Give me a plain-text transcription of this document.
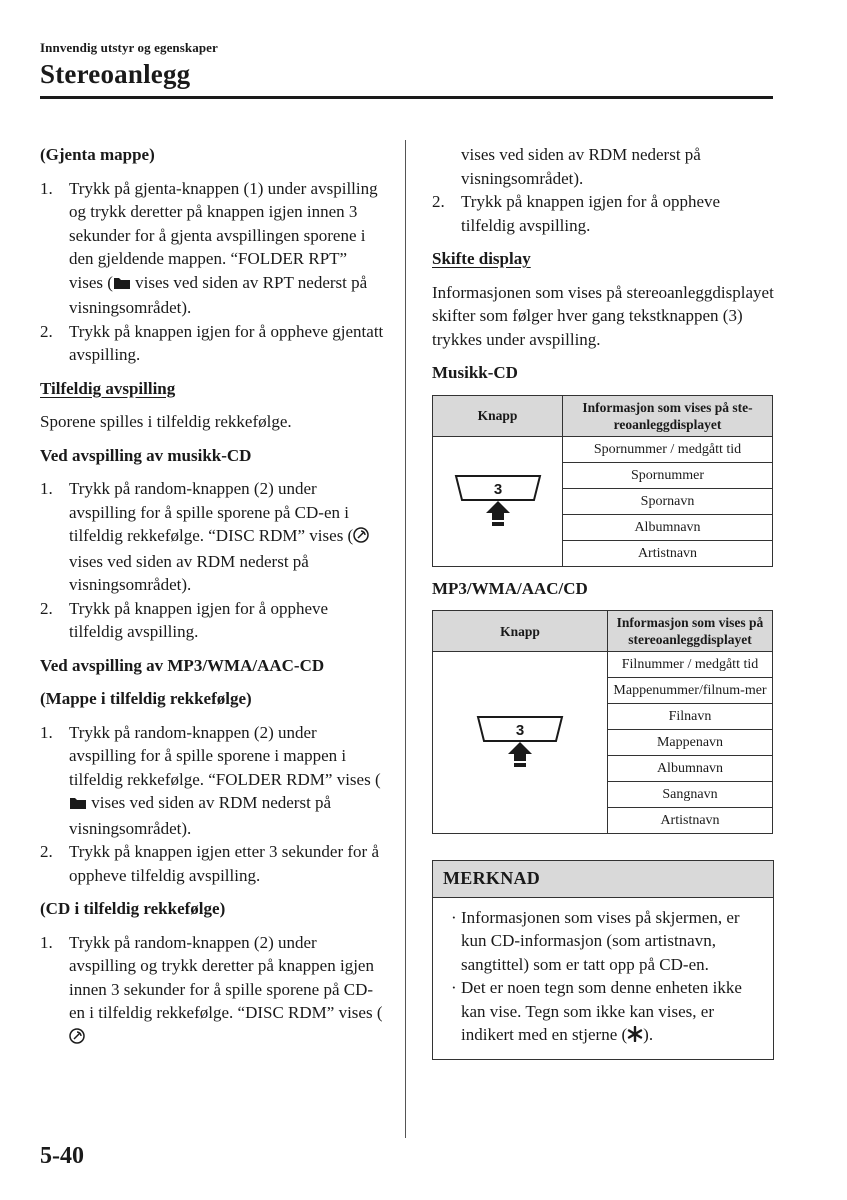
Innvendig utstyr og egenskaper
Stereoanlegg

(Gjenta mappe)

1. Trykk på gjenta-knappen (1) under avspilling og trykk deretter på knappen igjen innen 3 sekunder for å gjenta avspillingen sporene i den gjeldende mappen. “FOLDER RPT” vises ( vises ved siden av RPT nederst på visningsområdet).
2. Trykk på knappen igjen for å oppheve gjentatt avspilling.

Tilfeldig avspilling

Sporene spilles i tilfeldig rekkefølge.

Ved avspilling av musikk-CD

1. Trykk på random-knappen (2) under avspilling for å spille sporene på CD-en i tilfeldig rekkefølge. “DISC RDM” vises ( vises ved siden av RDM nederst på visningsområdet).
2. Trykk på knappen igjen for å oppheve tilfeldig avspilling.

Ved avspilling av MP3/WMA/AAC-CD

(Mappe i tilfeldig rekkefølge)

1. Trykk på random-knappen (2) under avspilling for å spille sporene i mappen i tilfeldig rekkefølge. “FOLDER RDM” vises ( vises ved siden av RDM nederst på visningsområdet).
2. Trykk på knappen igjen etter 3 sekunder for å oppheve tilfeldig avspilling.

(CD i tilfeldig rekkefølge)

1. Trykk på random-knappen (2) under avspilling og trykk deretter på knappen igjen innen 3 sekunder for å spille sporene på CD-en i tilfeldig rekkefølge. “DISC RDM” vises (
vises ved siden av RDM nederst på visningsområdet).
2. Trykk på knappen igjen for å oppheve tilfeldig avspilling.

Skifte display

Informasjonen som vises på stereoanleggdisplayet skifter som følger hver gang tekstknappen (3) trykkes under avspilling.

Musikk-CD

Knapp	Informasjon som vises på ste-reoanleggdisplayet

3	Spornummer / medgått tid
	Spornummer
	Spornavn
	Albumnavn
	Artistnavn

MP3/WMA/AAC/CD

Knapp	Informasjon som vises på stereoanleggdisplayet

3	Filnummer / medgått tid
	Mappenummer/filnum-mer
	Filnavn
	Mappenavn
	Albumnavn
	Sangnavn
	Artistnavn
MERKNAD
· Informasjonen som vises på skjermen, er kun CD-informasjon (som artistnavn, sangtittel) som er tatt opp på CD-en.
· Det er noen tegn som denne enheten ikke kan vise. Tegn som ikke kan vises, er indikert med en stjerne ( ).
5-40
